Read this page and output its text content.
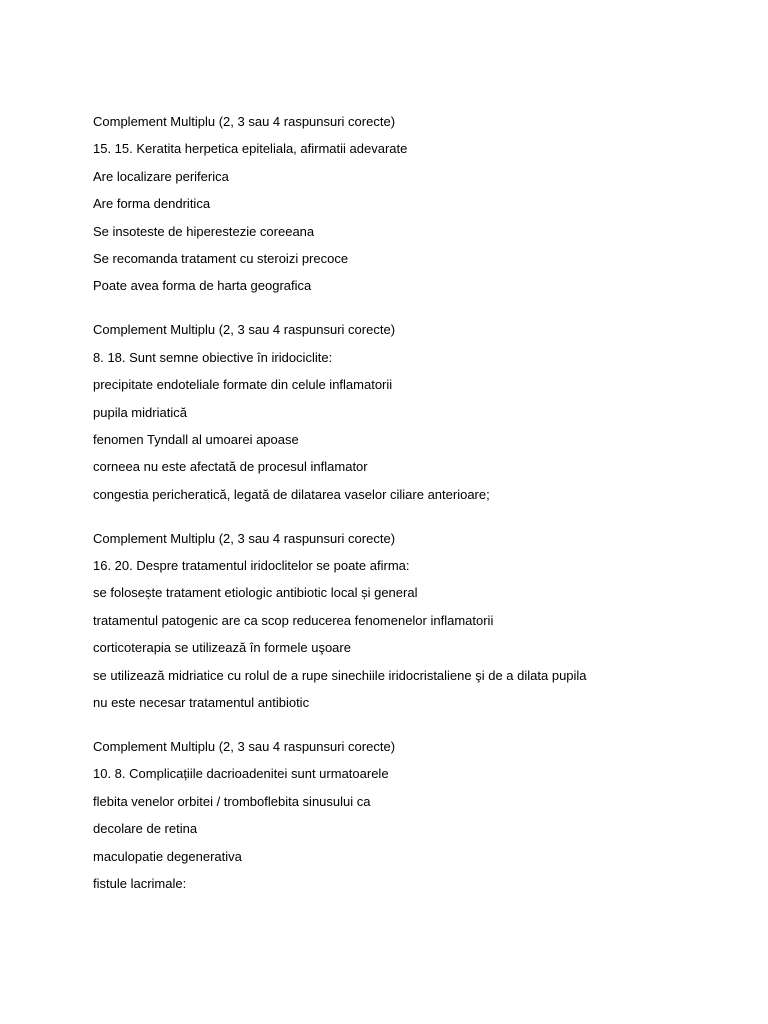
Complement Multiplu (2, 3 sau 4 raspunsuri corecte)
15. 15. Keratita herpetica epiteliala, afirmatii adevarate
Are localizare periferica
Are forma dendritica
Se insoteste de hiperestezie coreeana
Se recomanda tratament cu steroizi precoce
Poate avea forma de harta geografica
Complement Multiplu (2, 3 sau 4 raspunsuri corecte)
8. 18. Sunt semne obiective în iridociclite:
precipitate endoteliale formate din celule inflamatorii
pupila midriatică
fenomen Tyndall al umoarei apoase
corneea nu este afectată de procesul inflamator
congestia pericheratică, legată de dilatarea vaselor ciliare anterioare;
Complement Multiplu (2, 3 sau 4 raspunsuri corecte)
16. 20. Despre tratamentul iridoclitelor se poate afirma:
se folosește tratament etiologic antibiotic local și general
tratamentul patogenic are ca scop reducerea fenomenelor inflamatorii
corticoterapia se utilizează în formele uşoare
se utilizează midriatice cu rolul de a rupe sinechiile iridocristaliene şi de a dilata pupila
nu este necesar tratamentul antibiotic
Complement Multiplu (2, 3 sau 4 raspunsuri corecte)
10. 8. Complicațiile dacrioadenitei sunt urmatoarele
flebita venelor orbitei / tromboflebita sinusului ca
decolare de retina
maculopatie degenerativa
fistule lacrimale:
